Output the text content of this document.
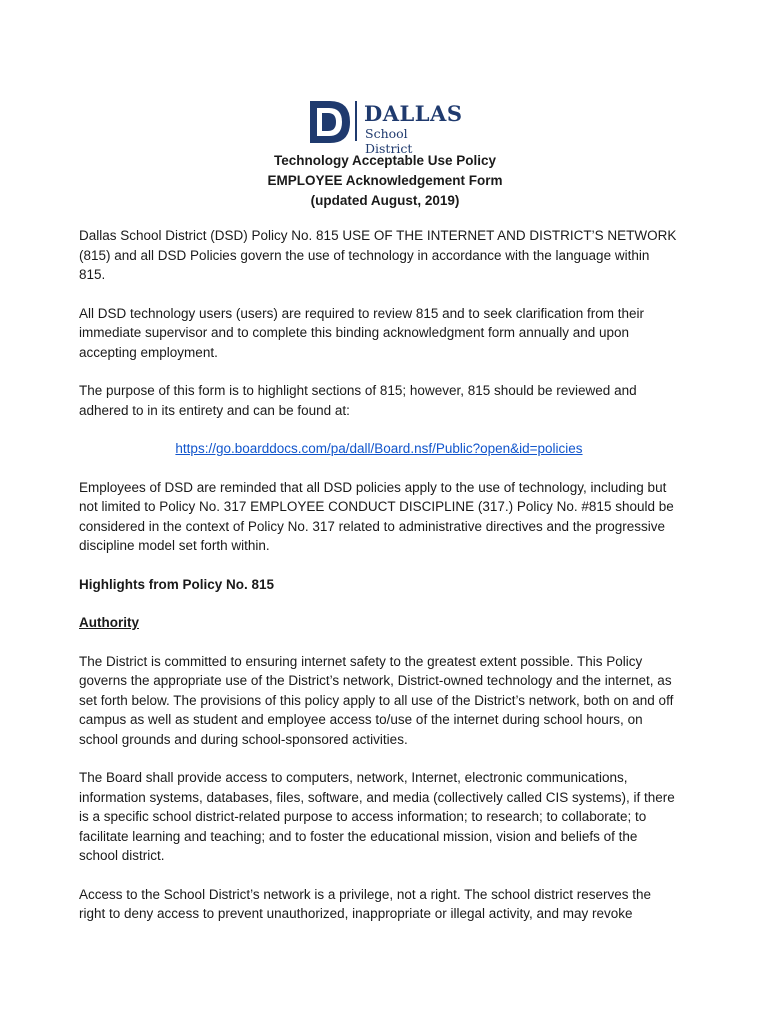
DALLAS
School District
Technology Acceptable Use Policy
EMPLOYEE Acknowledgement Form
(updated August, 2019)

Dallas School District (DSD) Policy No. 815 USE OF THE INTERNET AND DISTRICT’S NETWORK (815) and all DSD Policies govern the use of technology in accordance with the language within 815.

All DSD technology users (users) are required to review 815 and to seek clarification from their immediate supervisor and to complete this binding acknowledgment form annually and upon accepting employment.

The purpose of this form is to highlight sections of 815; however, 815 should be reviewed and adhered to in its entirety and can be found at:

https://go.boarddocs.com/pa/dall/Board.nsf/Public?open&id=policies

Employees of DSD are reminded that all DSD policies apply to the use of technology, including but not limited to Policy No. 317 EMPLOYEE CONDUCT DISCIPLINE (317.) Policy No. #815 should be considered in the context of Policy No. 317 related to administrative directives and the progressive discipline model set forth within.

Highlights from Policy No. 815

Authority

The District is committed to ensuring internet safety to the greatest extent possible. This Policy governs the appropriate use of the District’s network, District-owned technology and the internet, as set forth below. The provisions of this policy apply to all use of the District’s network, both on and off campus as well as student and employee access to/use of the internet during school hours, on school grounds and during school-sponsored activities.

The Board shall provide access to computers, network, Internet, electronic communications, information systems, databases, files, software, and media (collectively called CIS systems), if there is a specific school district-related purpose to access information; to research; to collaborate; to facilitate learning and teaching; and to foster the educational mission, vision and beliefs of the school district.

Access to the School District’s network is a privilege, not a right. The school district reserves the right to deny access to prevent unauthorized, inappropriate or illegal activity, and may revoke
